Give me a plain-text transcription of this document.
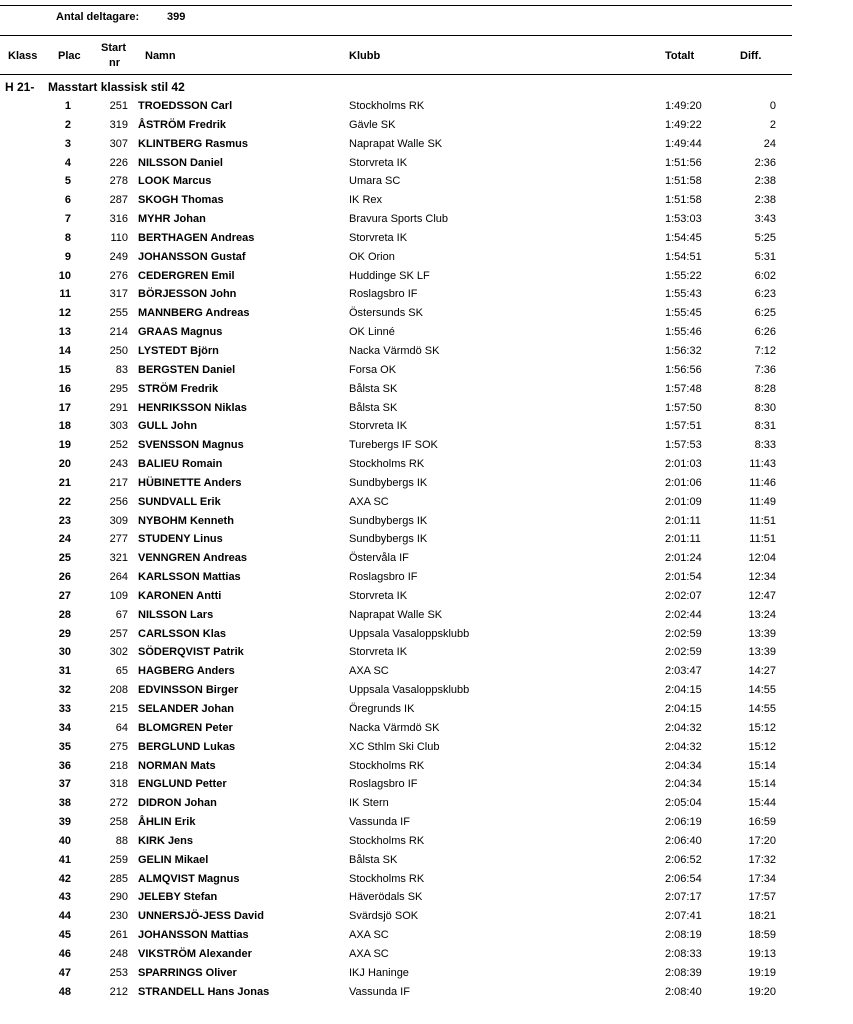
Antal deltagare:	399
Klass Plac
Start
nr
Namn	Klubb	Totalt	Diff.
H 21- Masstart klassisk stil 42
1	251 TROEDSSON Carl	Stockholms RK	1:49:20	0
2	319 ÅSTRÖM Fredrik	Gävle SK	1:49:22	2
3	307 KLINTBERG Rasmus	Naprapat Walle SK	1:49:44	24
4	226 NILSSON Daniel	Storvreta IK	1:51:56	2:36
5	278 LOOK Marcus	Umara SC	1:51:58	2:38
6	287 SKOGH Thomas	IK Rex	1:51:58	2:38
7	316 MYHR Johan	Bravura Sports Club	1:53:03	3:43
8	110 BERTHAGEN Andreas	Storvreta IK	1:54:45	5:25
9	249 JOHANSSON Gustaf	OK Orion	1:54:51	5:31
10	276 CEDERGREN Emil	Huddinge SK LF	1:55:22	6:02
11	317 BÖRJESSON John	Roslagsbro IF	1:55:43	6:23
12	255 MANNBERG Andreas	Östersunds SK	1:55:45	6:25
13	214 GRAAS Magnus	OK Linné	1:55:46	6:26
14	250 LYSTEDT Björn	Nacka Värmdö SK	1:56:32	7:12
15	83 BERGSTEN Daniel	Forsa OK	1:56:56	7:36
16	295 STRÖM Fredrik	Bålsta SK	1:57:48	8:28
17	291 HENRIKSSON Niklas	Bålsta SK	1:57:50	8:30
18	303 GULL John	Storvreta IK	1:57:51	8:31
19	252 SVENSSON Magnus	Turebergs IF SOK	1:57:53	8:33
20	243 BALIEU Romain	Stockholms RK	2:01:03	11:43
21	217 HÜBINETTE Anders	Sundbybergs IK	2:01:06	11:46
22	256 SUNDVALL Erik	AXA SC	2:01:09	11:49
23	309 NYBOHM Kenneth	Sundbybergs IK	2:01:11	11:51
24	277 STUDENY Linus	Sundbybergs IK	2:01:11	11:51
25	321 VENNGREN Andreas	Östervåla IF	2:01:24	12:04
26	264 KARLSSON Mattias	Roslagsbro IF	2:01:54	12:34
27	109 KARONEN Antti	Storvreta IK	2:02:07	12:47
28	67 NILSSON Lars	Naprapat Walle SK	2:02:44	13:24
29	257 CARLSSON Klas	Uppsala Vasaloppsklubb	2:02:59	13:39
30	302 SÖDERQVIST Patrik	Storvreta IK	2:02:59	13:39
31	65 HAGBERG Anders	AXA SC	2:03:47	14:27
32	208 EDVINSSON Birger	Uppsala Vasaloppsklubb	2:04:15	14:55
33	215 SELANDER Johan	Öregrunds IK	2:04:15	14:55
34	64 BLOMGREN Peter	Nacka Värmdö SK	2:04:32	15:12
35	275 BERGLUND Lukas	XC Sthlm Ski Club	2:04:32	15:12
36	218 NORMAN Mats	Stockholms RK	2:04:34	15:14
37	318 ENGLUND Petter	Roslagsbro IF	2:04:34	15:14
38	272 DIDRON Johan	IK Stern	2:05:04	15:44
39	258 ÅHLIN Erik	Vassunda IF	2:06:19	16:59
40	88 KIRK Jens	Stockholms RK	2:06:40	17:20
41	259 GELIN Mikael	Bålsta SK	2:06:52	17:32
42	285 ALMQVIST Magnus	Stockholms RK	2:06:54	17:34
43	290 JELEBY Stefan	Häverödals SK	2:07:17	17:57
44	230 UNNERSJÖ-JESS David	Svärdsjö SOK	2:07:41	18:21
45	261 JOHANSSON Mattias	AXA SC	2:08:19	18:59
46	248 VIKSTRÖM Alexander	AXA SC	2:08:33	19:13
47	253 SPARRINGS Oliver	IKJ Haninge	2:08:39	19:19
48	212 STRANDELL Hans Jonas	Vassunda IF	2:08:40	19:20
